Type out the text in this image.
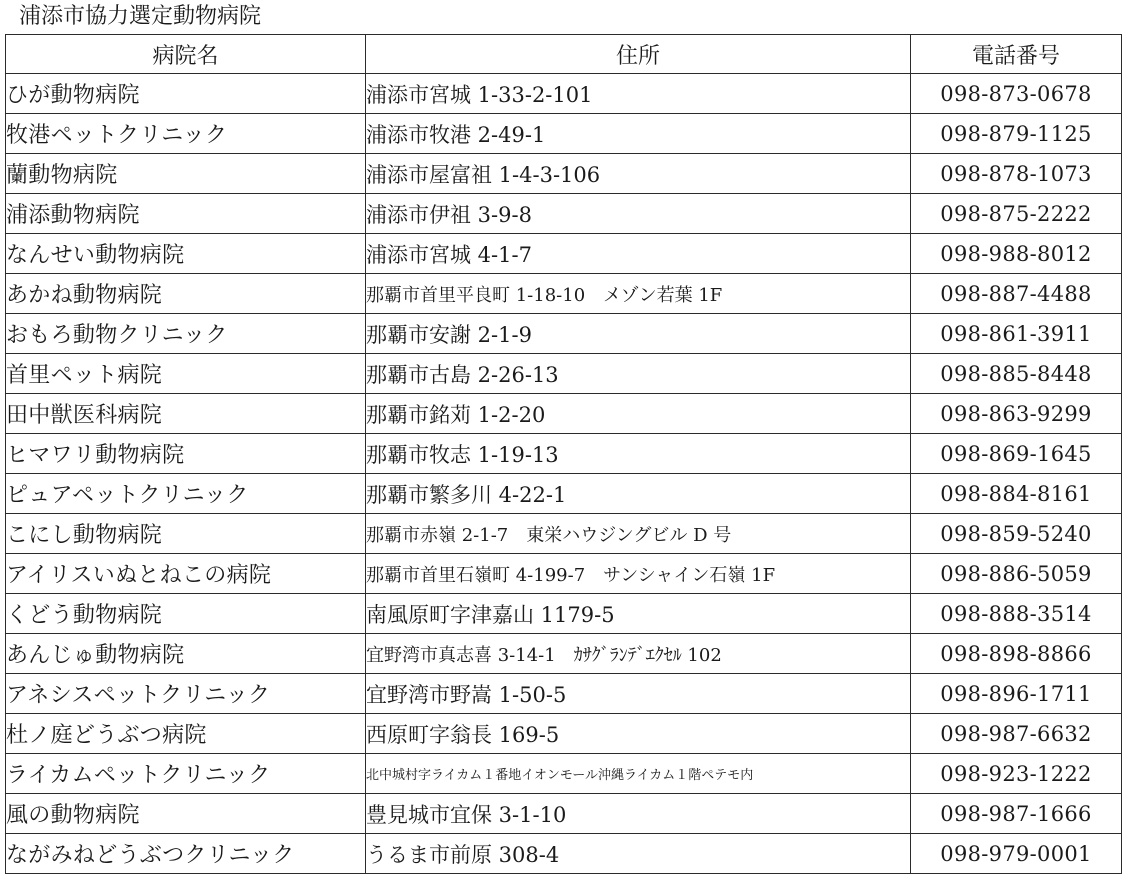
浦添市協力選定動物病院
病院名	住所	電話番号
ひが動物病院	浦添市宮城 1-33-2-101	098-873-0678
牧港ペットクリニック	浦添市牧港 2-49-1	098-879-1125
蘭動物病院	浦添市屋富祖 1-4-3-106	098-878-1073
浦添動物病院	浦添市伊祖 3-9-8	098-875-2222
なんせい動物病院	浦添市宮城 4-1-7	098-988-8012
あかね動物病院	那覇市首里平良町 1-18-10　メゾン若葉 1F	098-887-4488
おもろ動物クリニック	那覇市安謝 2-1-9	098-861-3911
首里ペット病院	那覇市古島 2-26-13	098-885-8448
田中獣医科病院	那覇市銘苅 1-2-20	098-863-9299
ヒマワリ動物病院	那覇市牧志 1-19-13	098-869-1645
ピュアペットクリニック	那覇市繁多川 4-22-1	098-884-8161
こにし動物病院	那覇市赤嶺 2-1-7　東栄ハウジングビル D 号	098-859-5240
アイリスいぬとねこの病院	那覇市首里石嶺町 4-199-7　サンシャイン石嶺 1F	098-886-5059
くどう動物病院	南風原町字津嘉山 1179-5	098-888-3514
あんじゅ動物病院	宜野湾市真志喜 3-14-1　ｶｻｸﾞﾗﾝﾃﾞｴｸｾﾙ 102	098-898-8866
アネシスペットクリニック	宜野湾市野嵩 1-50-5	098-896-1711
杜ノ庭どうぶつ病院	西原町字翁長 169-5	098-987-6632
ライカムペットクリニック	北中城村字ライカム１番地イオンモール沖縄ライカム１階ペテモ内	098-923-1222
風の動物病院	豊見城市宜保 3-1-10	098-987-1666
ながみねどうぶつクリニック	うるま市前原 308-4	098-979-0001
